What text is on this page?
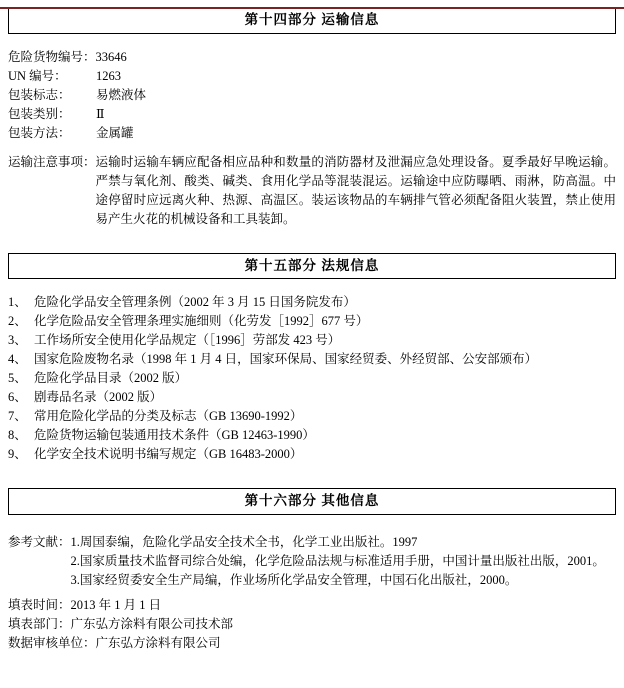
第十四部分 运输信息
危险货物编号： 33646
UN 编号：	1263
包装标志：	易燃液体
包装类别：	Ⅱ
包装方法：	金属罐
运输注意事项： 运输时运输车辆应配备相应品种和数量的消防器材及泄漏应急处理设备。夏季最好早晚运输。严禁与氧化剂、酸类、碱类、食用化学品等混装混运。运输途中应防曝晒、雨淋，防高温。中途停留时应远离火种、热源、高温区。装运该物品的车辆排气管必须配备阻火装置，禁止使用易产生火花的机械设备和工具装卸。
第十五部分 法规信息
1、 危险化学品安全管理条例（2002 年 3 月 15 日国务院发布）
2、 化学危险品安全管理条理实施细则（化劳发［1992］677 号）
3、 工作场所安全使用化学品规定（［1996］劳部发 423 号）
4、 国家危险废物名录（1998 年 1 月 4 日，国家环保局、国家经贸委、外经贸部、公安部颁布）
5、 危险化学品目录（2002 版）
6、 剧毒品名录（2002 版）
7、 常用危险化学品的分类及标志（GB 13690-1992）
8、 危险货物运输包装通用技术条件（GB 12463-1990）
9、 化学安全技术说明书编写规定（GB 16483-2000）
第十六部分 其他信息
参考文献： 1.周国泰编，危险化学品安全技术全书，化学工业出版社。1997
2.国家质量技术监督司综合处编，化学危险品法规与标准适用手册，中国计量出版社出版，2001。
3.国家经贸委安全生产局编，作业场所化学品安全管理，中国石化出版社，2000。
填表时间：2013 年 1 月 1 日
填表部门：广东弘方涂料有限公司技术部
数据审核单位：广东弘方涂料有限公司
